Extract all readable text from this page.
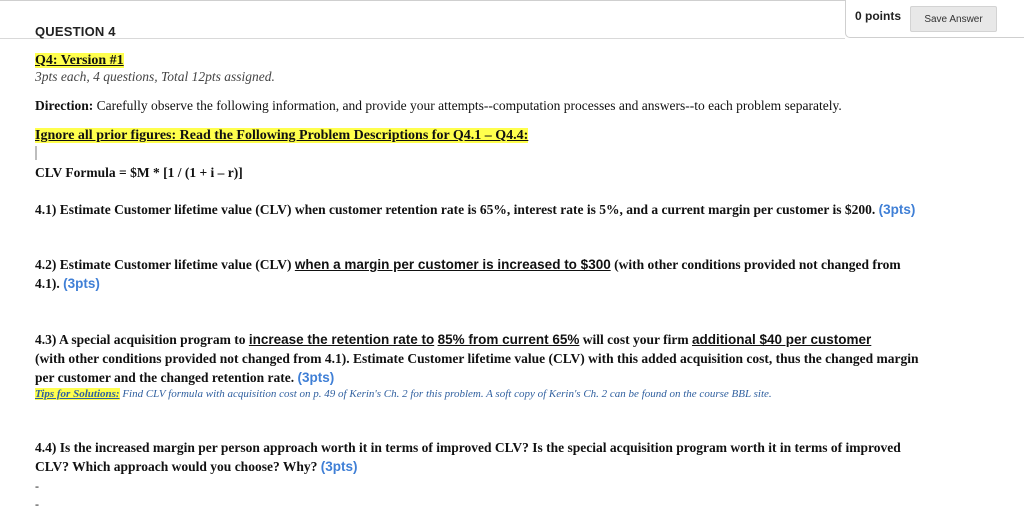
QUESTION 4
0 points	Save Answer
Q4: Version #1
3pts each, 4 questions, Total 12pts assigned.
Direction: Carefully observe the following information, and provide your attempts--computation processes and answers--to each problem separately.
Ignore all prior figures: Read the Following Problem Descriptions for Q4.1 – Q4.4:
CLV Formula = $M * [1 / (1 + i – r)]
4.1) Estimate Customer lifetime value (CLV) when customer retention rate is 65%, interest rate is 5%, and a current margin per customer is $200. (3pts)
4.2) Estimate Customer lifetime value (CLV) when a margin per customer is increased to $300 (with other conditions provided not changed from
4.1). (3pts)
4.3) A special acquisition program to increase the retention rate to 85% from current 65% will cost your firm additional $40 per customer
(with other conditions provided not changed from 4.1). Estimate Customer lifetime value (CLV) with this added acquisition cost, thus the changed margin
per customer and the changed retention rate. (3pts)
Tips for Solutions: Find CLV formula with acquisition cost on p. 49 of Kerin's Ch. 2 for this problem. A soft copy of Kerin's Ch. 2 can be found on the course BBL site.
4.4) Is the increased margin per person approach worth it in terms of improved CLV? Is the special acquisition program worth it in terms of improved
CLV? Which approach would you choose? Why? (3pts)
-
-
